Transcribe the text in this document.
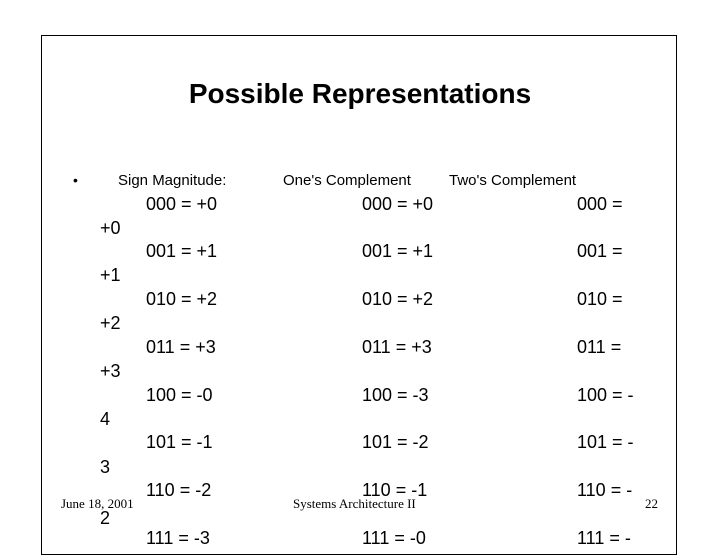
Possible Representations
•	Sign Magnitude:	One's Complement	Two's Complement
000 = +0	000 = +0	000 =
+0
001 = +1	001 = +1	001 =
+1
010 = +2	010 = +2	010 =
+2
011 = +3	011 = +3	011 =
+3
100 = -0	100 = -3	100 = -
4
101 = -1	101 = -2	101 = -
3
110 = -2	110 = -1	110 = -
2
111 = -3	111 = -0	111 = -
June 18, 2001	Systems Architecture II	22
